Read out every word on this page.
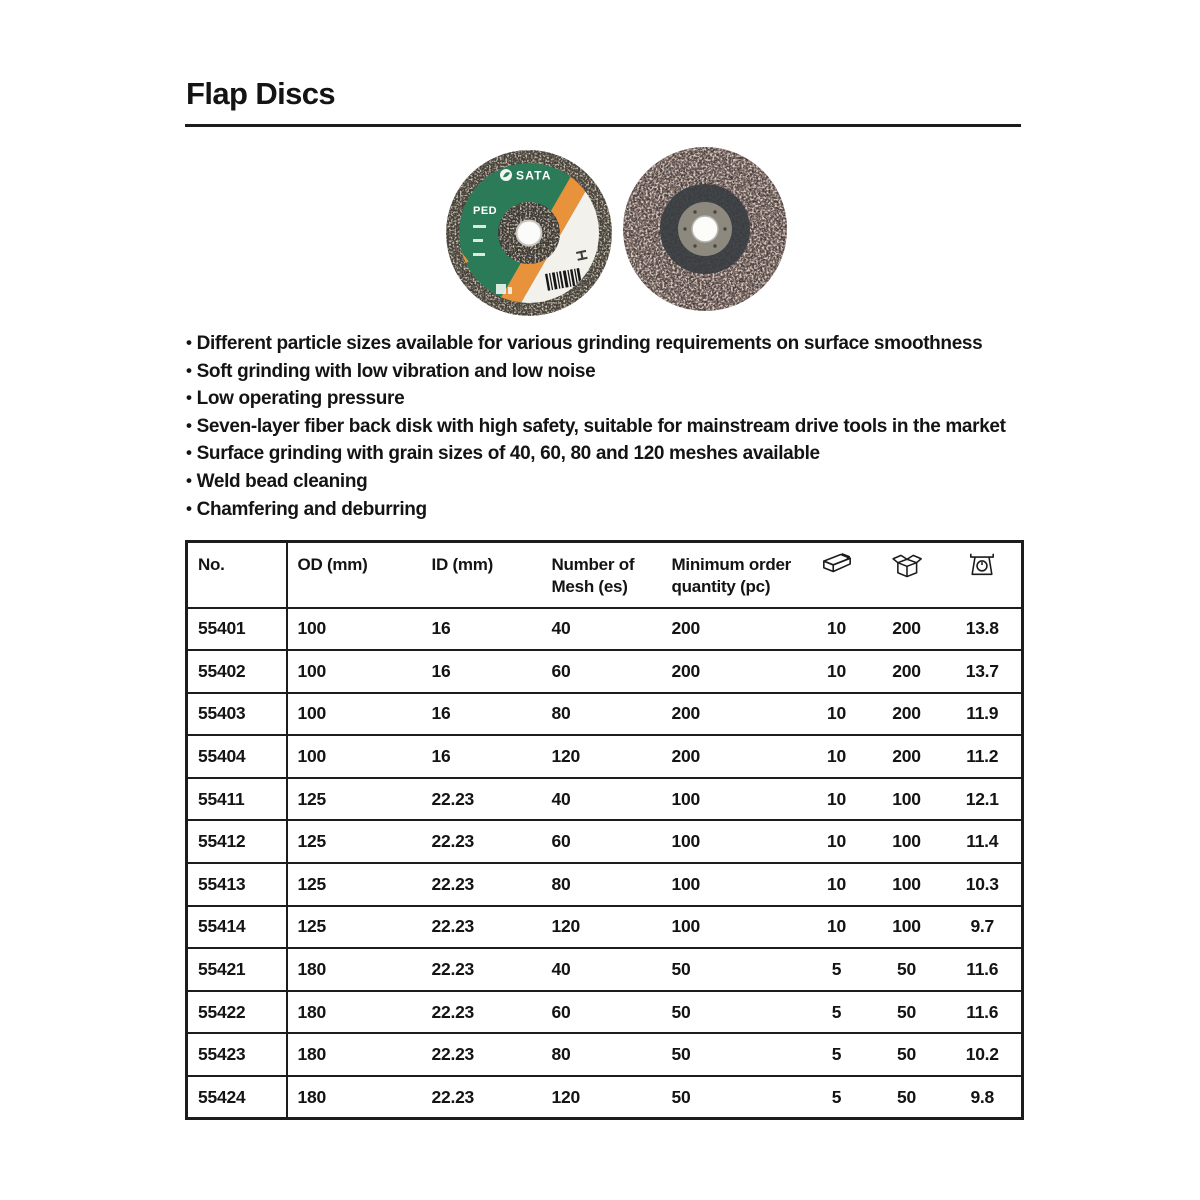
Flap Discs
SATA
PED
• Different particle sizes available for various grinding requirements on surface smoothness
• Soft grinding with low vibration and low noise
• Low operating pressure
• Seven-layer fiber back disk with high safety, suitable for mainstream drive tools in the market
• Surface grinding with grain sizes of 40, 60, 80 and 120 meshes available
• Weld bead cleaning
• Chamfering and deburring
No.	OD (mm)	ID (mm)	Number of Mesh (es)	Minimum order quantity (pc)			
55401	100	16	40	200	10	200	13.8
55402	100	16	60	200	10	200	13.7
55403	100	16	80	200	10	200	11.9
55404	100	16	120	200	10	200	11.2
55411	125	22.23	40	100	10	100	12.1
55412	125	22.23	60	100	10	100	11.4
55413	125	22.23	80	100	10	100	10.3
55414	125	22.23	120	100	10	100	9.7
55421	180	22.23	40	50	5	50	11.6
55422	180	22.23	60	50	5	50	11.6
55423	180	22.23	80	50	5	50	10.2
55424	180	22.23	120	50	5	50	9.8
